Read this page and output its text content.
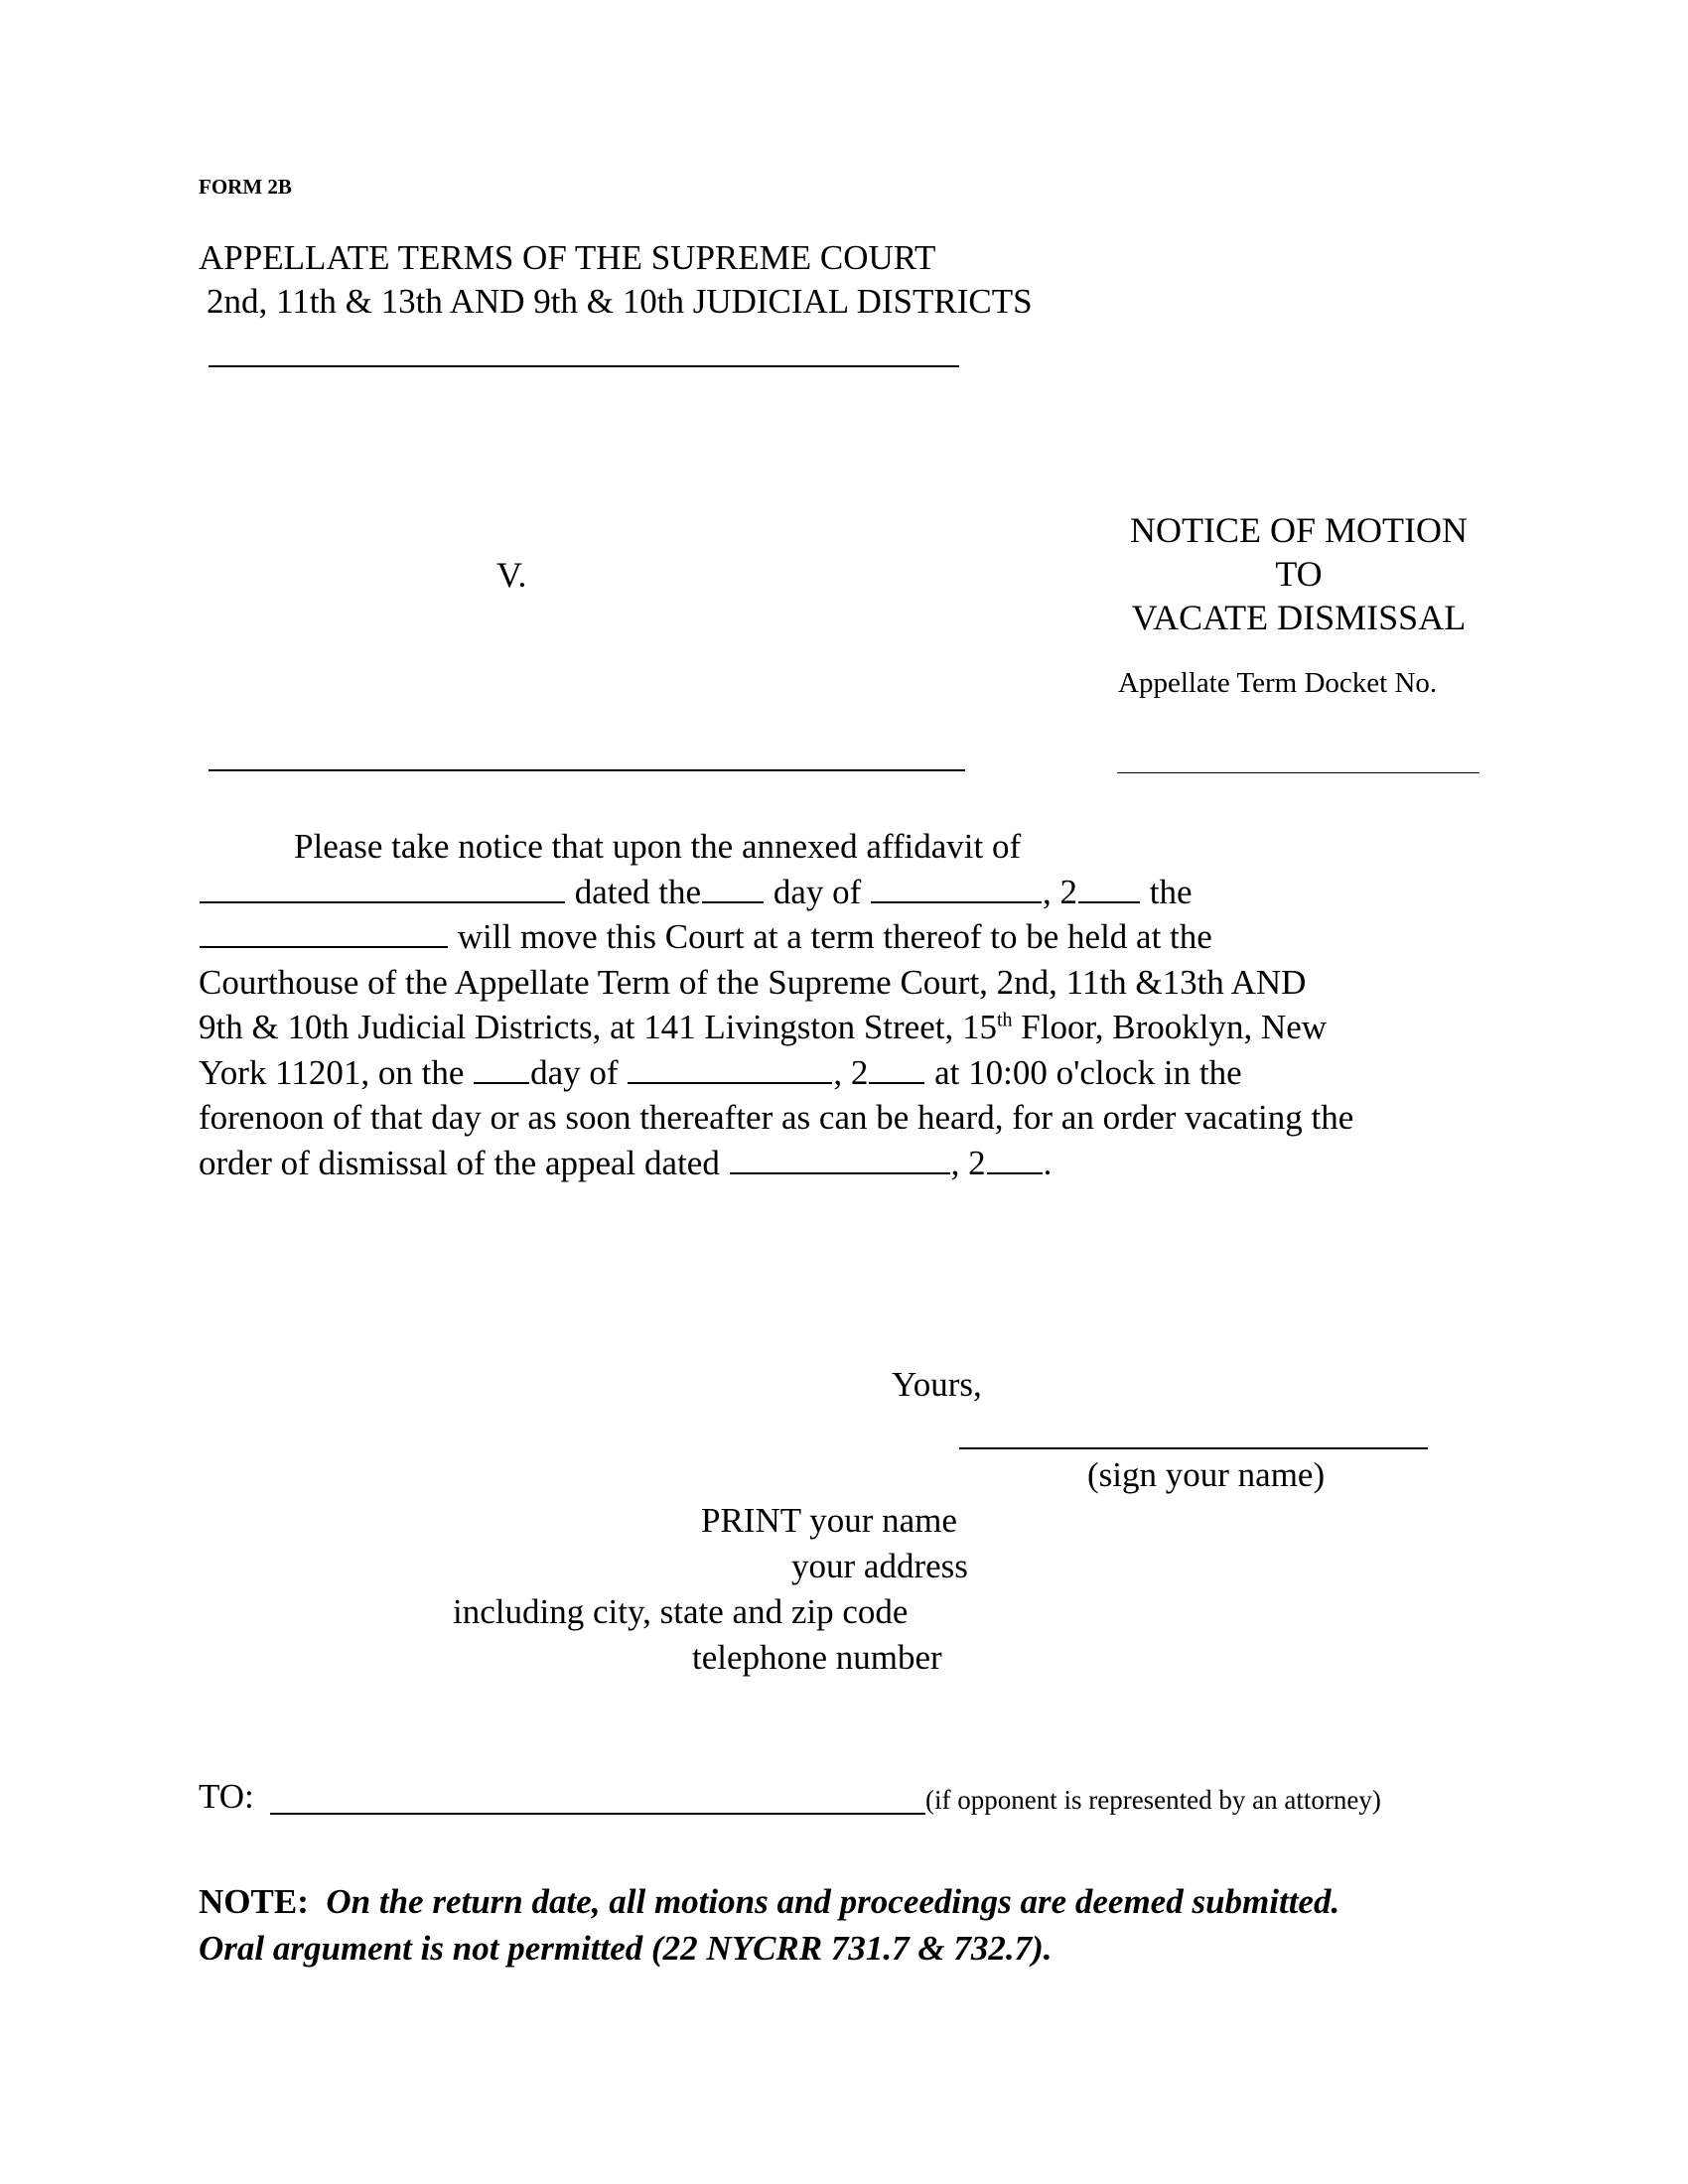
FORM 2B
APPELLATE TERMS OF THE SUPREME COURT
2nd, 11th & 13th AND 9th & 10th JUDICIAL DISTRICTS
V.
NOTICE OF MOTION
TO
VACATE DISMISSAL
Appellate Term Docket No.
Please take notice that upon the annexed affidavit of
dated the day of	, 2 the
will move this Court at a term thereof to be held at the
Courthouse of the Appellate Term of the Supreme Court, 2nd, 11th &13th AND
9th & 10th Judicial Districts, at 141 Livingston Street, 15th Floor, Brooklyn, New
York 11201, on the day of	, 2 at 10:00 o'clock in the
forenoon of that day or as soon thereafter as can be heard, for an order vacating the
order of dismissal of the appeal dated	, 2 .
Yours,
(sign your name)
PRINT your name
your address
including city, state and zip code
telephone number
TO:	(if opponent is represented by an attorney)
NOTE: On the return date, all motions and proceedings are deemed submitted.
Oral argument is not permitted (22 NYCRR 731.7 & 732.7).
